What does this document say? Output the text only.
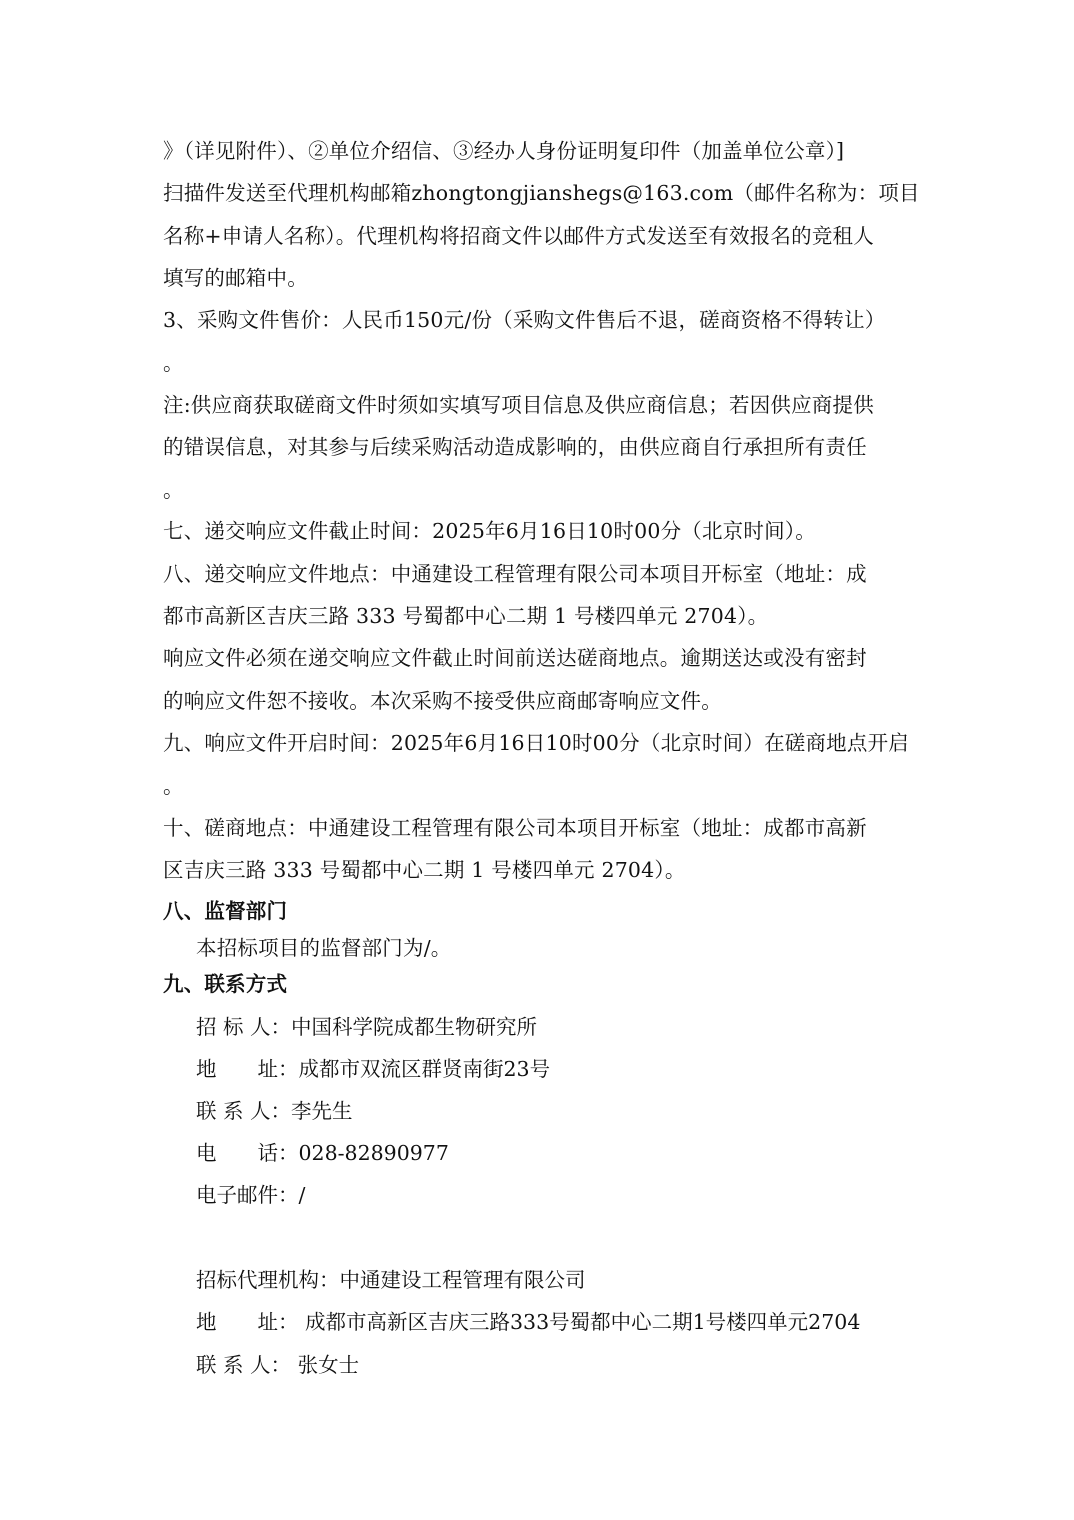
》（详见附件）、②单位介绍信、③经办人身份证明复印件（加盖单位公章）]

扫描件发送至代理机构邮箱zhongtongjianshegs@163.com（邮件名称为：项目

名称+申请人名称）。代理机构将招商文件以邮件方式发送至有效报名的竞租人

填写的邮箱中。

3、采购文件售价：人民币150元/份（采购文件售后不退，磋商资格不得转让）

。

注:供应商获取磋商文件时须如实填写项目信息及供应商信息；若因供应商提供

的错误信息，对其参与后续采购活动造成影响的，由供应商自行承担所有责任

。

七、递交响应文件截止时间：2025年6月16日10时00分（北京时间）。

八、递交响应文件地点：中通建设工程管理有限公司本项目开标室（地址：成

都市高新区吉庆三路 333 号蜀都中心二期 1 号楼四单元 2704）。

响应文件必须在递交响应文件截止时间前送达磋商地点。逾期送达或没有密封

的响应文件恕不接收。本次采购不接受供应商邮寄响应文件。

九、响应文件开启时间：2025年6月16日10时00分（北京时间）在磋商地点开启

。

十、磋商地点：中通建设工程管理有限公司本项目开标室（地址：成都市高新

区吉庆三路 333 号蜀都中心二期 1 号楼四单元 2704）。

八、监督部门

本招标项目的监督部门为/。

九、联系方式

招 标 人：中国科学院成都生物研究所
地　　址：成都市双流区群贤南街23号
联 系 人：李先生
电　　话：028-82890977
电子邮件：/
招标代理机构：中通建设工程管理有限公司
地　　址： 成都市高新区吉庆三路333号蜀都中心二期1号楼四单元2704
联 系 人： 张女士
